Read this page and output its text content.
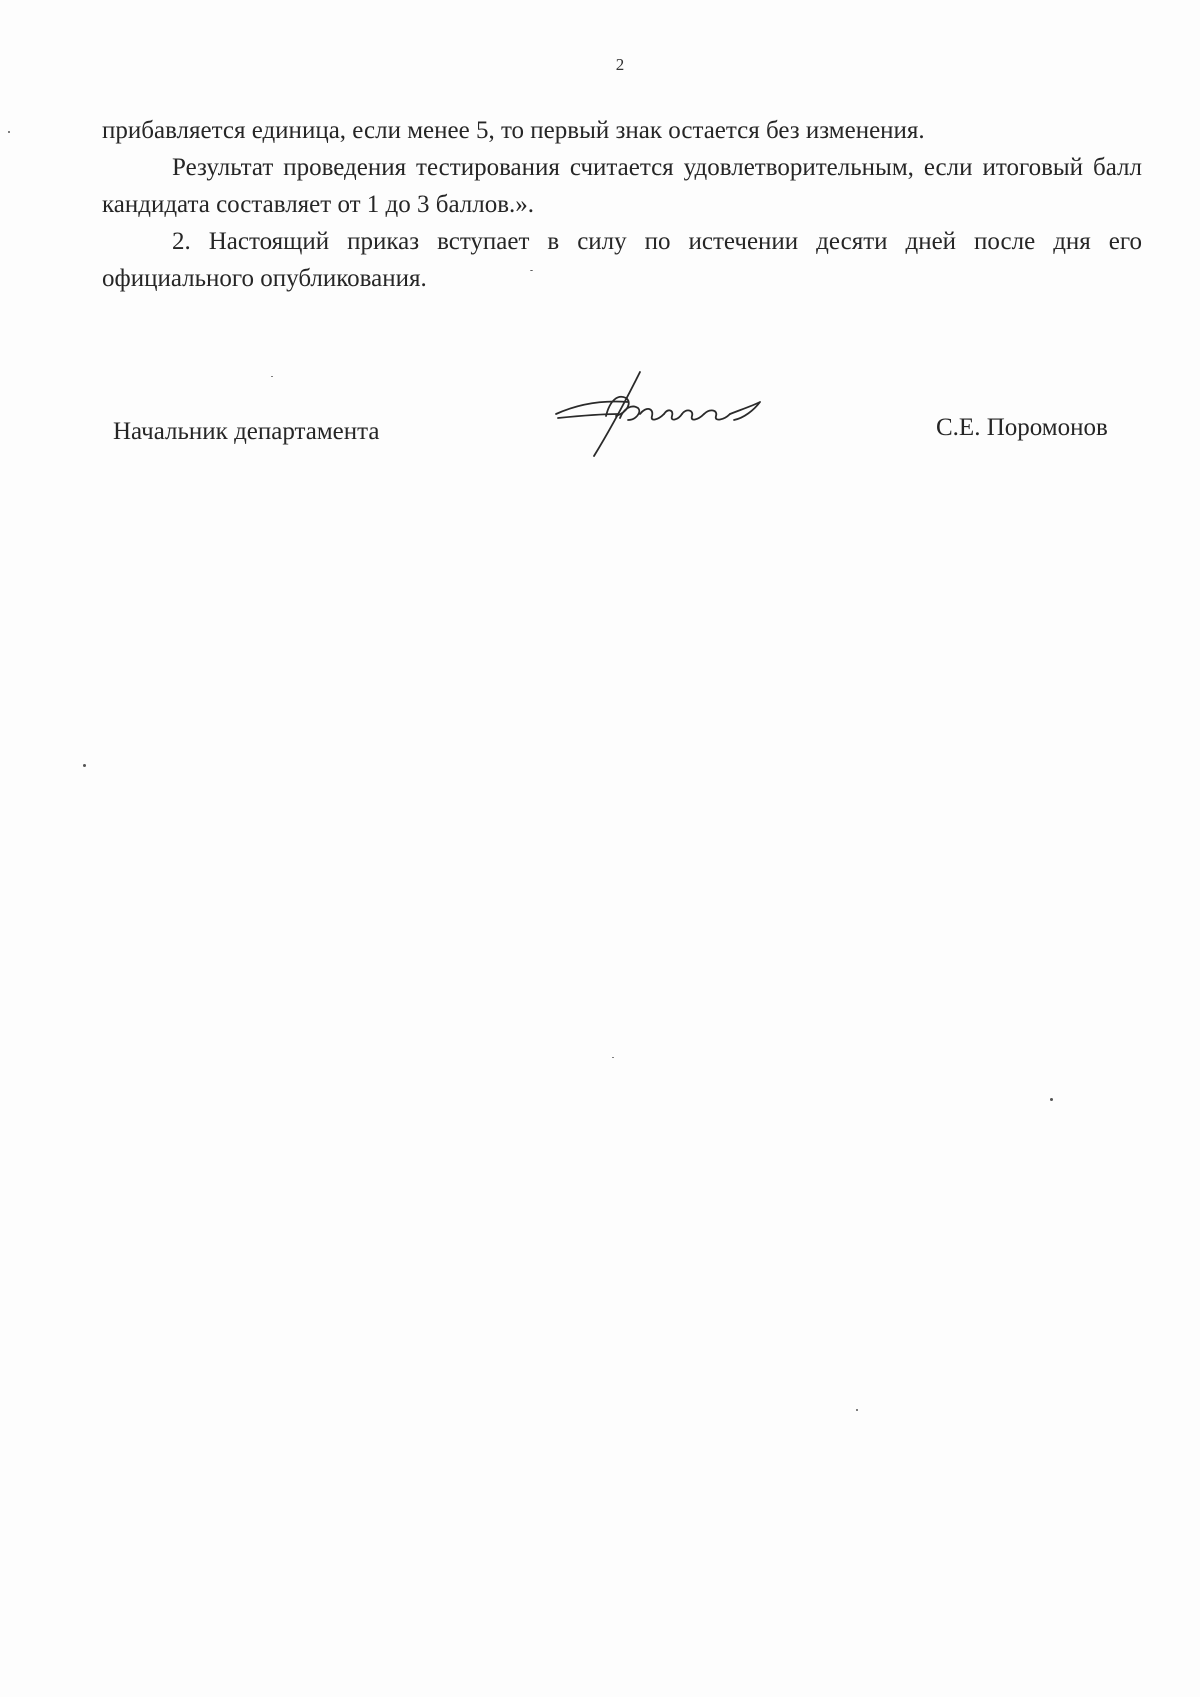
2

прибавляется единица, если менее 5, то первый знак остается без изменения.

Результат проведения тестирования считается удовлетворительным, если итоговый балл кандидата составляет от 1 до 3 баллов.».

2. Настоящий приказ вступает в силу по истечении десяти дней после дня его официального опубликования.

Начальник департамента	С.Е. Поромонов
